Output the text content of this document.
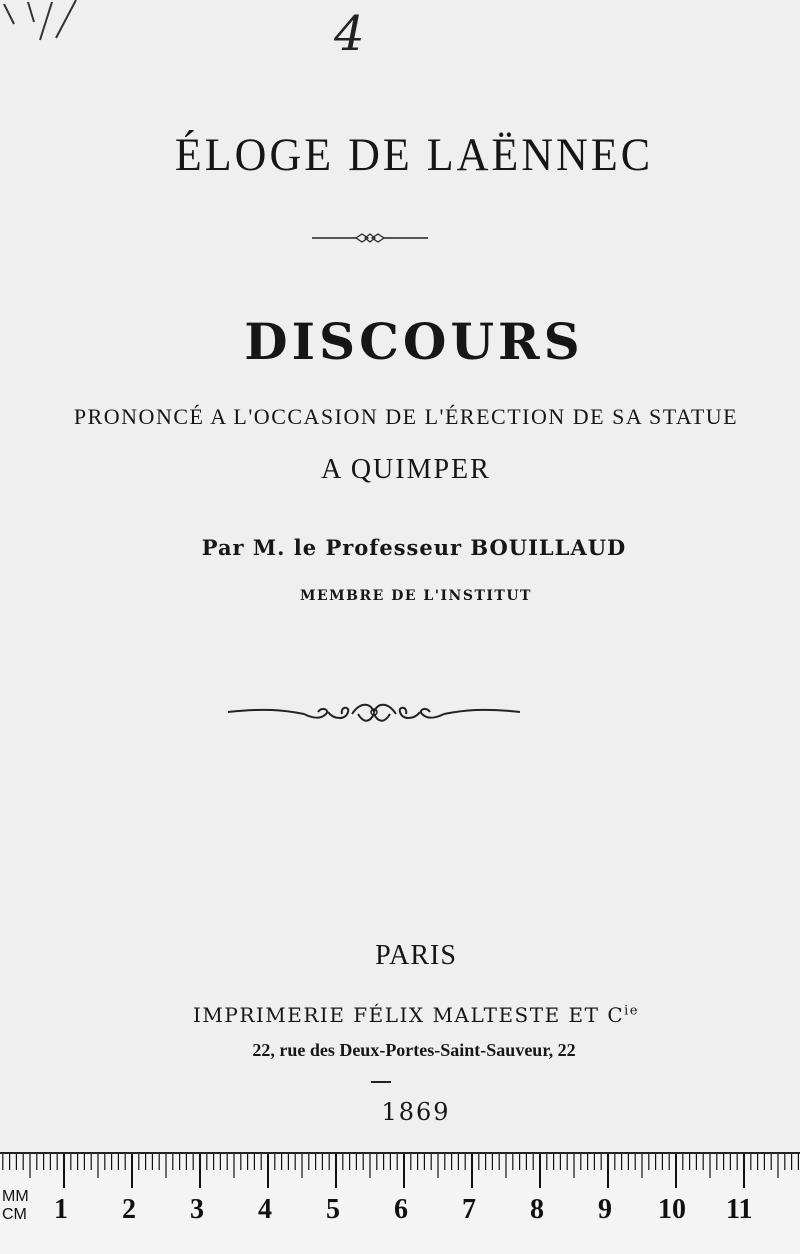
4
ÉLOGE DE LAËNNEC
DISCOURS
PRONONCÉ A L'OCCASION DE L'ÉRECTION DE SA STATUE
A QUIMPER
Par M. le Professeur BOUILLAUD
MEMBRE DE L'INSTITUT
PARIS
IMPRIMERIE FÉLIX MALTESTE ET $C^{ie}$
22, rue des Deux-Portes-Saint-Sauveur, 22
1869
MM
CM 1 2 3 4 5 6 7 8 9 10 11
